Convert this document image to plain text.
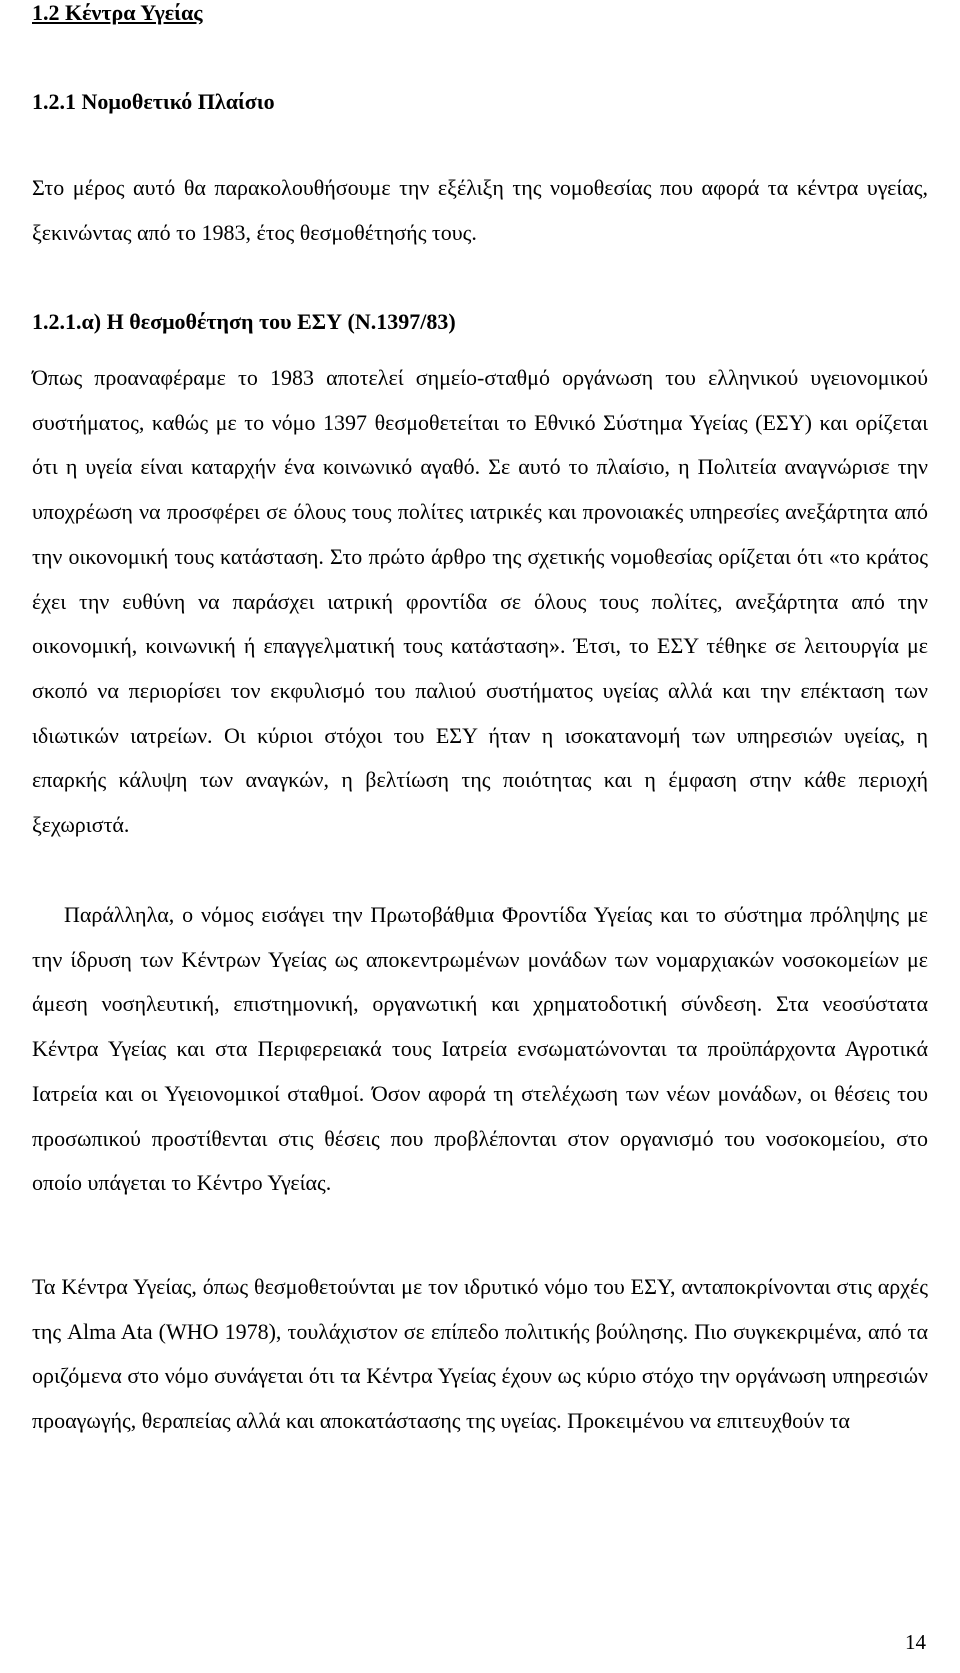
1.2 Κέντρα Υγείας
1.2.1 Νομοθετικό Πλαίσιο

Στο μέρος αυτό θα παρακολουθήσουμε την εξέλιξη της νομοθεσίας που αφορά τα κέντρα υγείας, ξεκινώντας από το 1983, έτος θεσμοθέτησής τους.

1.2.1.α) Η θεσμοθέτηση του ΕΣΥ (Ν.1397/83)

Όπως προαναφέραμε το 1983 αποτελεί σημείο-σταθμό οργάνωση του ελληνικού υγειονομικού συστήματος, καθώς με το νόμο 1397 θεσμοθετείται το Εθνικό Σύστημα Υγείας (ΕΣΥ) και ορίζεται ότι η υγεία είναι καταρχήν ένα κοινωνικό αγαθό. Σε αυτό το πλαίσιο, η Πολιτεία αναγνώρισε την υποχρέωση να προσφέρει σε όλους τους πολίτες ιατρικές και προνοιακές υπηρεσίες ανεξάρτητα από την οικονομική τους κατάσταση. Στο πρώτο άρθρο της σχετικής νομοθεσίας ορίζεται ότι «το κράτος έχει την ευθύνη να παράσχει ιατρική φροντίδα σε όλους τους πολίτες, ανεξάρτητα από την οικονομική, κοινωνική ή επαγγελματική τους κατάσταση». Έτσι, το ΕΣΥ τέθηκε σε λειτουργία με σκοπό να περιορίσει τον εκφυλισμό του παλιού συστήματος υγείας αλλά και την επέκταση των ιδιωτικών ιατρείων. Οι κύριοι στόχοι του ΕΣΥ ήταν η ισοκατανομή των υπηρεσιών υγείας, η επαρκής κάλυψη των αναγκών, η βελτίωση της ποιότητας και η έμφαση στην κάθε περιοχή ξεχωριστά.

Παράλληλα, ο νόμος εισάγει την Πρωτοβάθμια Φροντίδα Υγείας και το σύστημα πρόληψης με την ίδρυση των Κέντρων Υγείας ως αποκεντρωμένων μονάδων των νομαρχιακών νοσοκομείων με άμεση νοσηλευτική, επιστημονική, οργανωτική και χρηματοδοτική σύνδεση. Στα νεοσύστατα Κέντρα Υγείας και στα Περιφερειακά τους Ιατρεία ενσωματώνονται τα προϋπάρχοντα Αγροτικά Ιατρεία και οι Υγειονομικοί σταθμοί. Όσον αφορά τη στελέχωση των νέων μονάδων, οι θέσεις του προσωπικού προστίθενται στις θέσεις που προβλέπονται στον οργανισμό του νοσοκομείου, στο οποίο υπάγεται το Κέντρο Υγείας.

Τα Κέντρα Υγείας, όπως θεσμοθετούνται με τον ιδρυτικό νόμο του ΕΣΥ, ανταποκρίνονται στις αρχές της Alma Ata (WHO 1978), τουλάχιστον σε επίπεδο πολιτικής βούλησης. Πιο συγκεκριμένα, από τα οριζόμενα στο νόμο συνάγεται ότι τα Κέντρα Υγείας έχουν ως κύριο στόχο την οργάνωση υπηρεσιών προαγωγής, θεραπείας αλλά και αποκατάστασης της υγείας. Προκειμένου να επιτευχθούν τα

14
